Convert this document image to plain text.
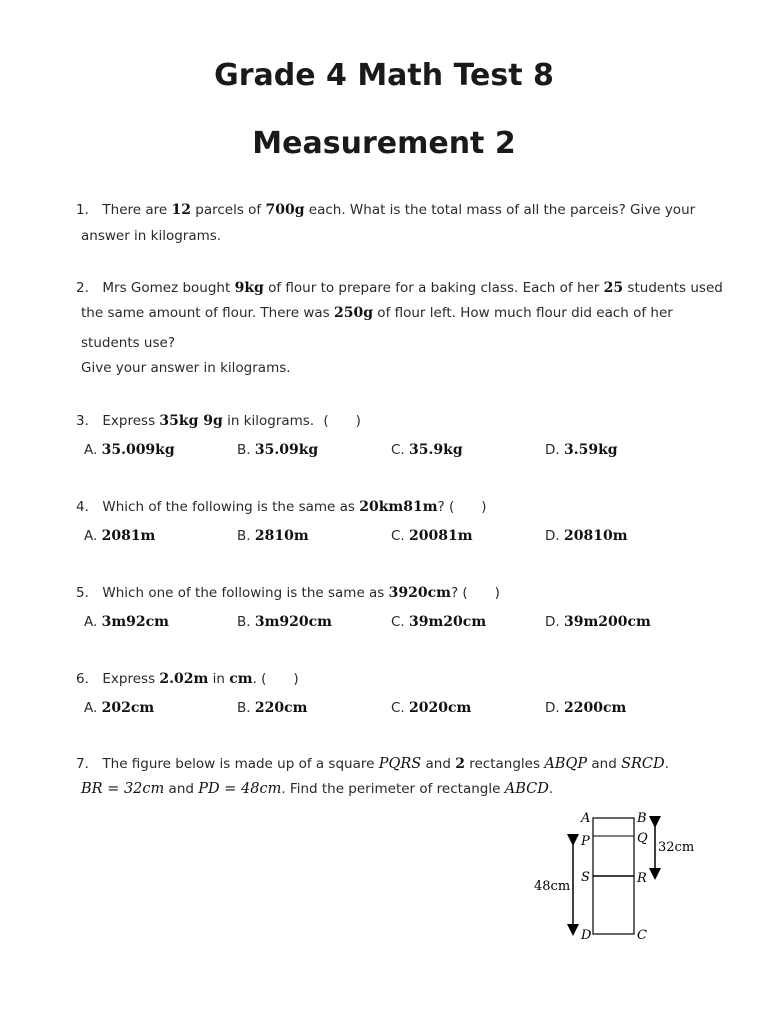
Grade 4 Math Test 8
Measurement 2
1． There are 12 parcels of 700g each. What is the total mass of all the parceis? Give your
answer in kilograms.
2． Mrs Gomez bought 9kg of flour to prepare for a baking class. Each of her 25 students used
the same amount of flour. There was 250g of flour left. How much flour did each of her
students use?
Give your answer in kilograms.
3． Express 35kg 9g in kilograms．(　　)
A. 35.009kg	B. 35.09kg	C. 35.9kg	D. 3.59kg
4． Which of the following is the same as 20km81m? (　　)
A. 2081m	B. 2810m	C. 20081m	D. 20810m
5． Which one of the following is the same as 3920cm? (　　)
A. 3m92cm	B. 3m920cm	C. 39m20cm	D. 39m200cm
6． Express 2.02m in cm. (　　)
A. 202cm	B. 220cm	C. 2020cm	D. 2200cm
7． The figure below is made up of a square PQRS and 2 rectangles ABQP and SRCD.
BR = 32cm and PD = 48cm. Find the perimeter of rectangle ABCD.
A	B
P	Q
S	R
D	C
32cm
48cm
